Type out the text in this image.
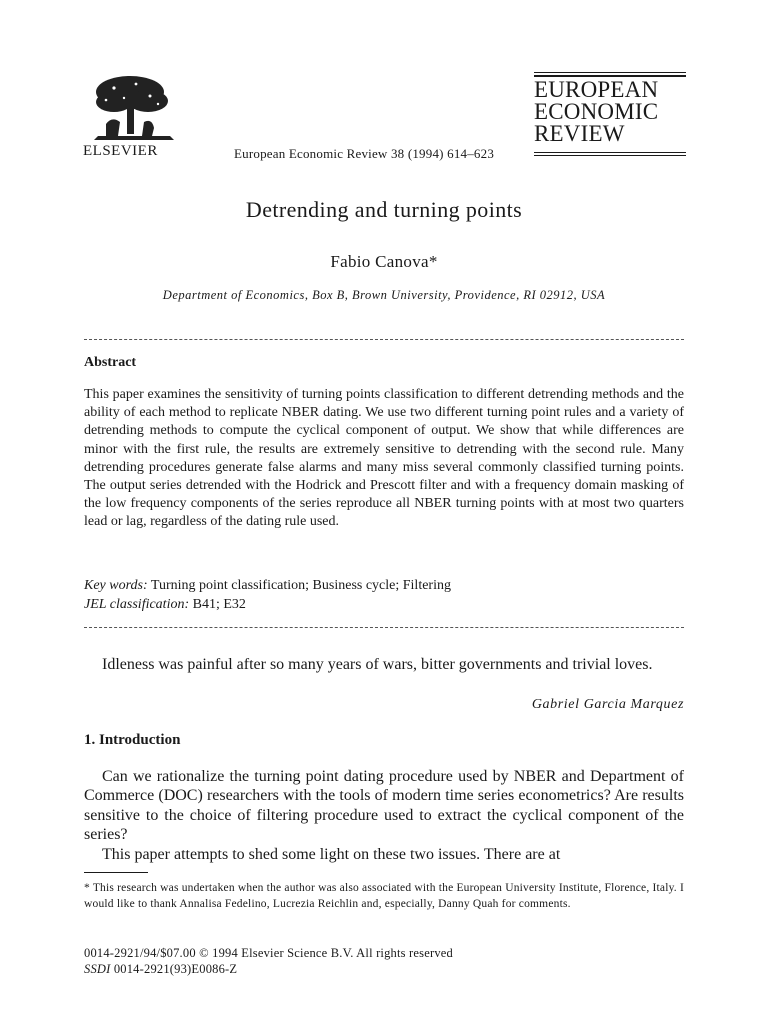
ELSEVIER	European Economic Review 38 (1994) 614–623
EUROPEAN
ECONOMIC
REVIEW
Detrending and turning points
Fabio Canova*
Department of Economics, Box B, Brown University, Providence, RI 02912, USA
Abstract
This paper examines the sensitivity of turning points classification to different detrending methods and the ability of each method to replicate NBER dating. We use two different turning point rules and a variety of detrending methods to compute the cyclical component of output. We show that while differences are minor with the first rule, the results are extremely sensitive to detrending with the second rule. Many detrending procedures generate false alarms and many miss several commonly classified turning points. The output series detrended with the Hodrick and Prescott filter and with a frequency domain masking of the low frequency components of the series reproduce all NBER turning points with at most two quarters lead or lag, regardless of the dating rule used.
Key words: Turning point classification; Business cycle; Filtering
JEL classification: B41; E32
Idleness was painful after so many years of wars, bitter governments and trivial loves.
Gabriel Garcia Marquez
1. Introduction

Can we rationalize the turning point dating procedure used by NBER and Department of Commerce (DOC) researchers with the tools of modern time series econometrics? Are results sensitive to the choice of filtering procedure used to extract the cyclical component of the series?

This paper attempts to shed some light on these two issues. There are at

* This research was undertaken when the author was also associated with the European University Institute, Florence, Italy. I would like to thank Annalisa Fedelino, Lucrezia Reichlin and, especially, Danny Quah for comments.
0014-2921/94/$07.00 © 1994 Elsevier Science B.V. All rights reserved
SSDI 0014-2921(93)E0086-Z
